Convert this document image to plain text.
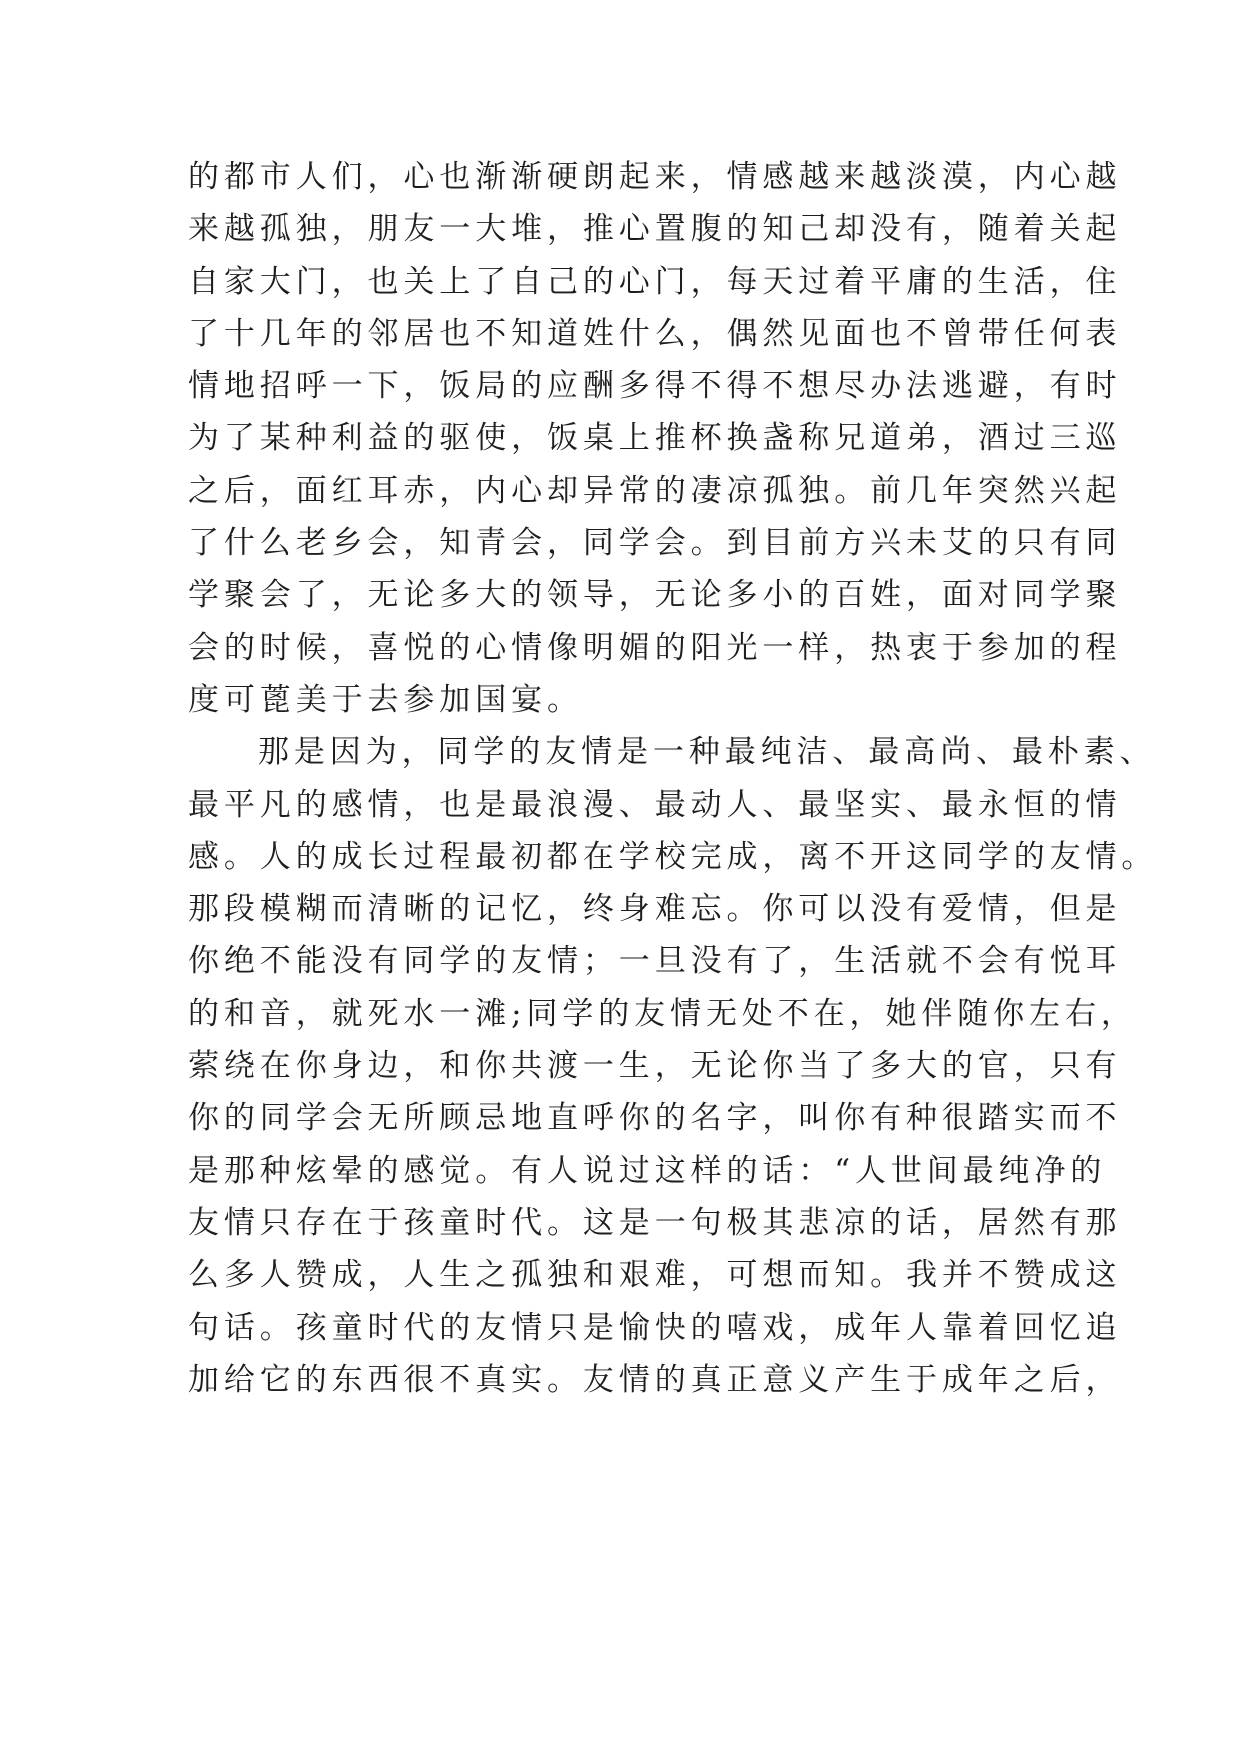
的都市人们，心也渐渐硬朗起来，情感越来越淡漠，内心越
来越孤独，朋友一大堆，推心置腹的知己却没有，随着关起
自家大门，也关上了自己的心门，每天过着平庸的生活，住
了十几年的邻居也不知道姓什么，偶然见面也不曾带任何表
情地招呼一下，饭局的应酬多得不得不想尽办法逃避，有时
为了某种利益的驱使，饭桌上推杯换盏称兄道弟，酒过三巡
之后，面红耳赤，内心却异常的凄凉孤独。前几年突然兴起
了什么老乡会，知青会，同学会。到目前方兴未艾的只有同
学聚会了，无论多大的领导，无论多小的百姓，面对同学聚
会的时候，喜悦的心情像明媚的阳光一样，热衷于参加的程
度可蓖美于去参加国宴。
那是因为，同学的友情是一种最纯洁、最高尚、最朴素、
最平凡的感情，也是最浪漫、最动人、最坚实、最永恒的情
感。人的成长过程最初都在学校完成，离不开这同学的友情。
那段模糊而清晰的记忆，终身难忘。你可以没有爱情，但是
你绝不能没有同学的友情；一旦没有了，生活就不会有悦耳
的和音，就死水一滩;同学的友情无处不在，她伴随你左右，
萦绕在你身边，和你共渡一生，无论你当了多大的官，只有
你的同学会无所顾忌地直呼你的名字，叫你有种很踏实而不
是那种炫晕的感觉。有人说过这样的话：“人世间最纯净的
友情只存在于孩童时代。这是一句极其悲凉的话，居然有那
么多人赞成，人生之孤独和艰难，可想而知。我并不赞成这
句话。孩童时代的友情只是愉快的嘻戏，成年人靠着回忆追
加给它的东西很不真实。友情的真正意义产生于成年之后，
